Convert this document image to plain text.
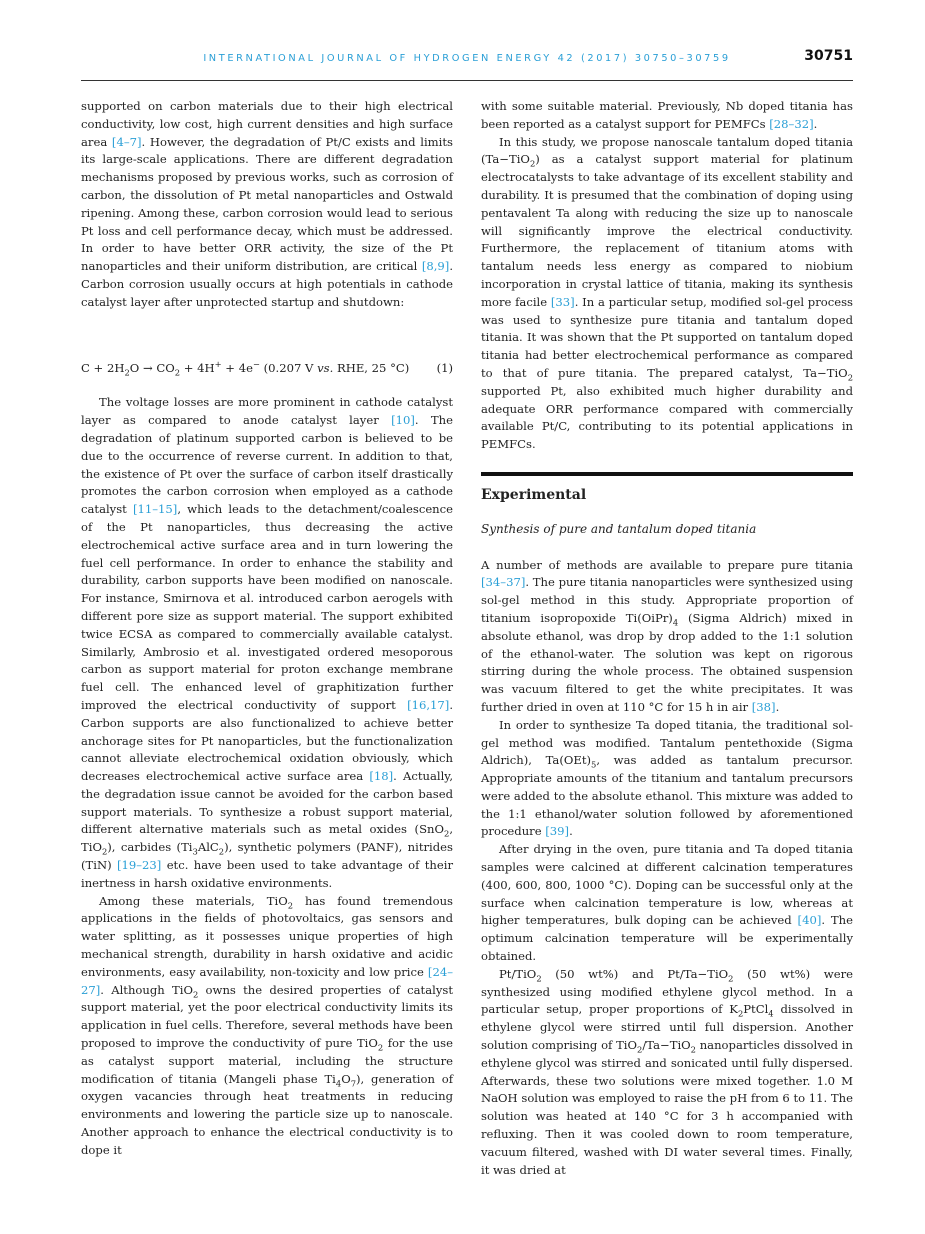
INTERNATIONAL JOURNAL OF HYDROGEN ENERGY 42 (2017) 30750–30759	30751

supported on carbon materials due to their high electrical conductivity, low cost, high current densities and high surface area [4–7]. However, the degradation of Pt/C exists and limits its large-scale applications. There are different degradation mechanisms proposed by previous works, such as corrosion of carbon, the dissolution of Pt metal nanoparticles and Ostwald ripening. Among these, carbon corrosion would lead to serious Pt loss and cell performance decay, which must be addressed. In order to have better ORR activity, the size of the Pt nanoparticles and their uniform distribution, are critical [8,9]. Carbon corrosion usually occurs at high potentials in cathode catalyst layer after unprotected startup and shutdown:

$C + 2H_2O \to CO_2 + 4H^+ + 4e^-$ (0.207 V vs. RHE, 25 °C) (1)

The voltage losses are more prominent in cathode catalyst layer as compared to anode catalyst layer [10]. The degradation of platinum supported carbon is believed to be due to the occurrence of reverse current. In addition to that, the existence of Pt over the surface of carbon itself drastically promotes the carbon corrosion when employed as a cathode catalyst [11–15], which leads to the detachment/coalescence of the Pt nanoparticles, thus decreasing the active electrochemical active surface area and in turn lowering the fuel cell performance. In order to enhance the stability and durability, carbon supports have been modified on nanoscale. For instance, Smirnova et al. introduced carbon aerogels with different pore size as support material. The support exhibited twice ECSA as compared to commercially available catalyst. Similarly, Ambrosio et al. investigated ordered mesoporous carbon as support material for proton exchange membrane fuel cell. The enhanced level of graphitization further improved the electrical conductivity of support [16,17]. Carbon supports are also functionalized to achieve better anchorage sites for Pt nanoparticles, but the functionalization cannot alleviate electrochemical oxidation obviously, which decreases electrochemical active surface area [18]. Actually, the degradation issue cannot be avoided for the carbon based support materials. To synthesize a robust support material, different alternative materials such as metal oxides (SnO$_2$, TiO$_2$), carbides $(Ti_3AlC_2)$, synthetic polymers (PANF), nitrides (TiN) [19–23] etc. have been used to take advantage of their inertness in harsh oxidative environments.

Among these materials, TiO$_2$ has found tremendous applications in the fields of photovoltaics, gas sensors and water splitting, as it possesses unique properties of high mechanical strength, durability in harsh oxidative and acidic environments, easy availability, non-toxicity and low price [24–27]. Although TiO$_2$ owns the desired properties of catalyst support material, yet the poor electrical conductivity limits its application in fuel cells. Therefore, several methods have been proposed to improve the conductivity of pure TiO$_2$ for the use as catalyst support material, including the structure modification of titania (Mangeli phase $Ti_4O_7$), generation of oxygen vacancies through heat treatments in reducing environments and lowering the particle size up to nanoscale. Another approach to enhance the electrical conductivity is to dope it

with some suitable material. Previously, Nb doped titania has been reported as a catalyst support for PEMFCs [28–32].

In this study, we propose nanoscale tantalum doped titania (Ta−TiO$_2$) as a catalyst support material for platinum electrocatalysts to take advantage of its excellent stability and durability. It is presumed that the combination of doping using pentavalent Ta along with reducing the size up to nanoscale will significantly improve the electrical conductivity. Furthermore, the replacement of titanium atoms with tantalum needs less energy as compared to niobium incorporation in crystal lattice of titania, making its synthesis more facile [33]. In a particular setup, modified sol-gel process was used to synthesize pure titania and tantalum doped titania. It was shown that the Pt supported on tantalum doped titania had better electrochemical performance as compared to that of pure titania. The prepared catalyst, Ta−TiO$_2$ supported Pt, also exhibited much higher durability and adequate ORR performance compared with commercially available Pt/C, contributing to its potential applications in PEMFCs.

Experimental
Synthesis of pure and tantalum doped titania

A number of methods are available to prepare pure titania [34–37]. The pure titania nanoparticles were synthesized using sol-gel method in this study. Appropriate proportion of titanium isopropoxide $Ti(OiPr)_4$ (Sigma Aldrich) mixed in absolute ethanol, was drop by drop added to the 1:1 solution of the ethanol-water. The solution was kept on rigorous stirring during the whole process. The obtained suspension was vacuum filtered to get the white precipitates. It was further dried in oven at 110 °C for 15 h in air [38].

In order to synthesize Ta doped titania, the traditional sol-gel method was modified. Tantalum pentethoxide (Sigma Aldrich), $Ta(OEt)_5$, was added as tantalum precursor. Appropriate amounts of the titanium and tantalum precursors were added to the absolute ethanol. This mixture was added to the 1:1 ethanol/water solution followed by aforementioned procedure [39].

After drying in the oven, pure titania and Ta doped titania samples were calcined at different calcination temperatures (400, 600, 800, 1000 °C). Doping can be successful only at the surface when calcination temperature is low, whereas at higher temperatures, bulk doping can be achieved [40]. The optimum calcination temperature will be experimentally obtained.

Pt/TiO$_2$ (50 wt%) and Pt/Ta−TiO$_2$ (50 wt%) were synthesized using modified ethylene glycol method. In a particular setup, proper proportions of $K_2PtCl_4$ dissolved in ethylene glycol were stirred until full dispersion. Another solution comprising of TiO$_2$/Ta−TiO$_2$ nanoparticles dissolved in ethylene glycol was stirred and sonicated until fully dispersed. Afterwards, these two solutions were mixed together. 1.0 M NaOH solution was employed to raise the pH from 6 to 11. The solution was heated at 140 °C for 3 h accompanied with refluxing. Then it was cooled down to room temperature, vacuum filtered, washed with DI water several times. Finally, it was dried at
